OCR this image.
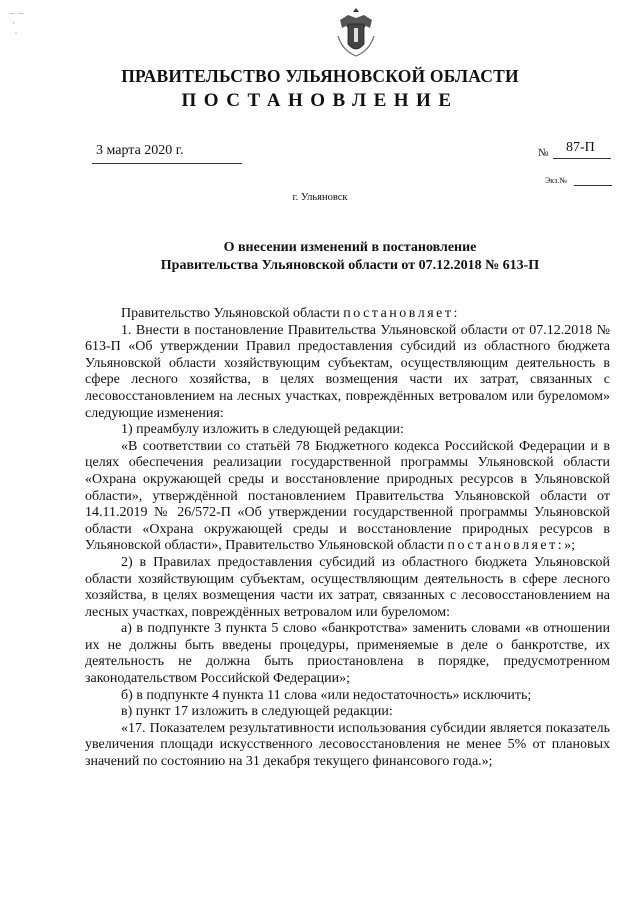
–  –
·
·
ПРАВИТЕЛЬСТВО УЛЬЯНОВСКОЙ ОБЛАСТИ
ПОСТАНОВЛЕНИЕ
3 марта 2020 г.	№ 87-П
Экз.№
г. Ульяновск
О внесении изменений в постановление
Правительства Ульяновской области от 07.12.2018 № 613-П

Правительство Ульяновской области постановляет:

1. Внести в постановление Правительства Ульяновской области от 07.12.2018 № 613-П «Об утверждении Правил предоставления субсидий из областного бюджета Ульяновской области хозяйствующим субъектам, осуществляющим деятельность в сфере лесного хозяйства, в целях возмещения части их затрат, связанных с лесовосстановлением на лесных участках, повреждённых ветровалом или буреломом» следующие изменения:

1) преамбулу изложить в следующей редакции:

«В соответствии со статьёй 78 Бюджетного кодекса Российской Федерации и в целях обеспечения реализации государственной программы Ульяновской области «Охрана окружающей среды и восстановление природных ресурсов в Ульяновской области», утверждённой постановлением Правительства Ульяновской области от 14.11.2019 № 26/572-П «Об утверждении государственной программы Ульяновской области «Охрана окружающей среды и восстановление природных ресурсов в Ульяновской области», Правительство Ульяновской области постановляет:»;

2) в Правилах предоставления субсидий из областного бюджета Ульяновской области хозяйствующим субъектам, осуществляющим деятельность в сфере лесного хозяйства, в целях возмещения части их затрат, связанных с лесовосстановлением на лесных участках, повреждённых ветровалом или буреломом:

а) в подпункте 3 пункта 5 слово «банкротства» заменить словами «в отношении их не должны быть введены процедуры, применяемые в деле о банкротстве, их деятельность не должна быть приостановлена в порядке, предусмотренном законодательством Российской Федерации»;

б) в подпункте 4 пункта 11 слова «или недостаточность» исключить;

в) пункт 17 изложить в следующей редакции:

«17. Показателем результативности использования субсидии является показатель увеличения площади искусственного лесовосстановления не менее 5% от плановых значений по состоянию на 31 декабря текущего финансового года.»;
